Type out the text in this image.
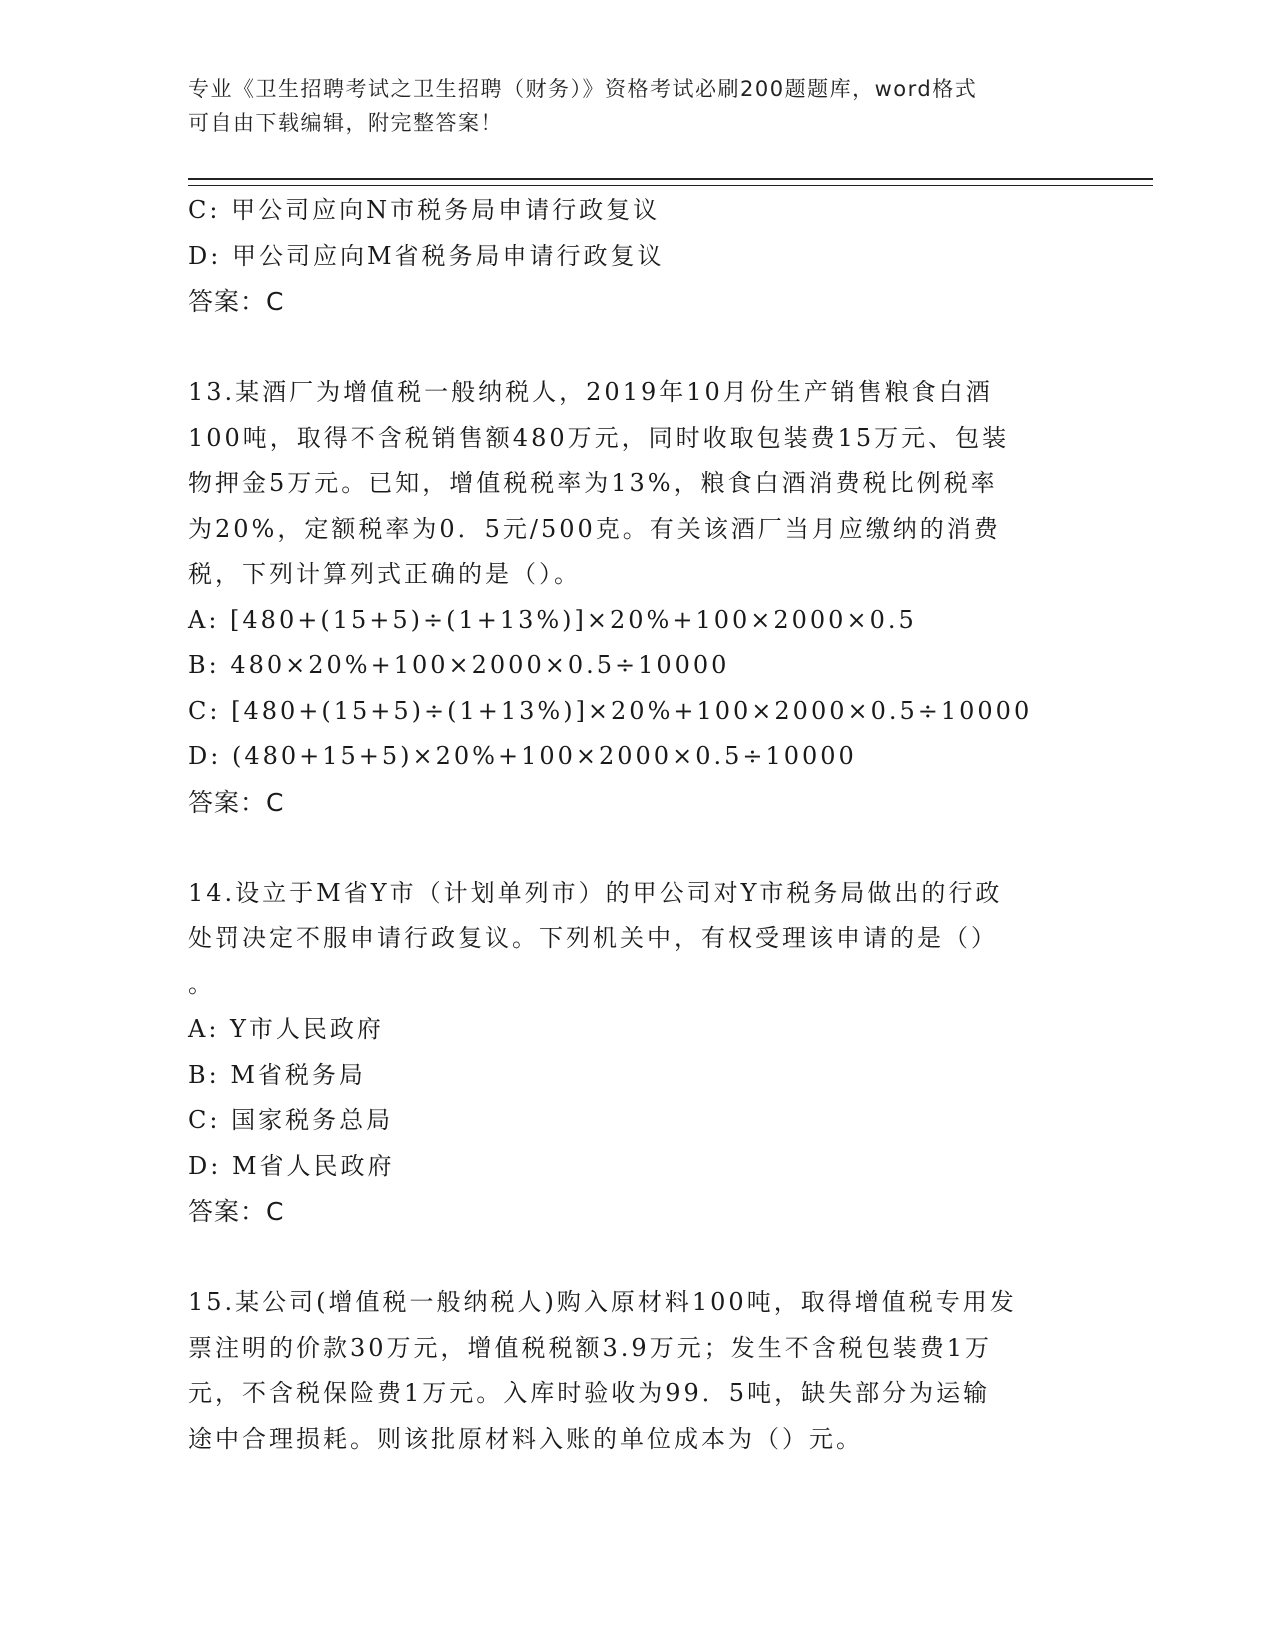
专业《卫生招聘考试之卫生招聘（财务）》资格考试必刷200题题库，word格式
可自由下载编辑，附完整答案！
C: 甲公司应向N市税务局申请行政复议
D: 甲公司应向M省税务局申请行政复议
答案：C
13.某酒厂为增值税一般纳税人，2019年10月份生产销售粮食白酒
100吨，取得不含税销售额480万元，同时收取包装费15万元、包装
物押金5万元。已知，增值税税率为13%，粮食白酒消费税比例税率
为20%，定额税率为0．5元/500克。有关该酒厂当月应缴纳的消费
税，下列计算列式正确的是（）。
A: [480+(15+5)÷(1+13%)]×20%+100×2000×0.5
B: 480×20%+100×2000×0.5÷10000
C: [480+(15+5)÷(1+13%)]×20%+100×2000×0.5÷10000
D: (480+15+5)×20%+100×2000×0.5÷10000
答案：C
14.设立于M省Y市（计划单列市）的甲公司对Y市税务局做出的行政
处罚决定不服申请行政复议。下列机关中，有权受理该申请的是（）
。
A: Y市人民政府
B: M省税务局
C: 国家税务总局
D: M省人民政府
答案：C
15.某公司(增值税一般纳税人)购入原材料100吨，取得增值税专用发
票注明的价款30万元，增值税税额3.9万元；发生不含税包装费1万
元，不含税保险费1万元。入库时验收为99．5吨，缺失部分为运输
途中合理损耗。则该批原材料入账的单位成本为（）元。
